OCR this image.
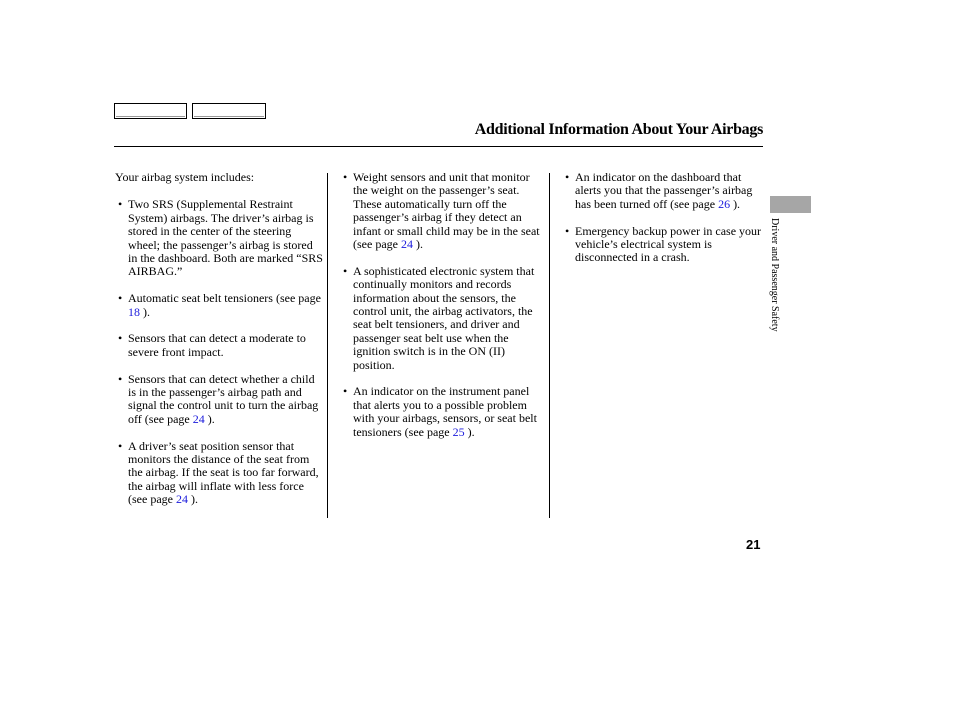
Additional Information About Your Airbags

Your airbag system includes:

• Two SRS (Supplemental Restraint System) airbags. The driver’s airbag is stored in the center of the steering wheel; the passenger’s airbag is stored in the dashboard. Both are marked “SRS AIRBAG.”

• Automatic seat belt tensioners (see page 18 ).

• Sensors that can detect a moderate to severe front impact.

• Sensors that can detect whether a child is in the passenger’s airbag path and signal the control unit to turn the airbag off (see page 24 ).

• A driver’s seat position sensor that monitors the distance of the seat from the airbag. If the seat is too far forward, the airbag will inflate with less force (see page 24 ).

• Weight sensors and unit that monitor the weight on the passenger’s seat. These automatically turn off the passenger’s airbag if they detect an infant or small child may be in the seat (see page 24 ).

• A sophisticated electronic system that continually monitors and records information about the sensors, the control unit, the airbag activators, the seat belt tensioners, and driver and passenger seat belt use when the ignition switch is in the ON (II) position.

• An indicator on the instrument panel that alerts you to a possible problem with your airbags, sensors, or seat belt tensioners (see page 25 ).

• An indicator on the dashboard that alerts you that the passenger’s airbag has been turned off (see page 26 ).

• Emergency backup power in case your vehicle’s electrical system is disconnected in a crash.	Driver and Passenger Safety
21
